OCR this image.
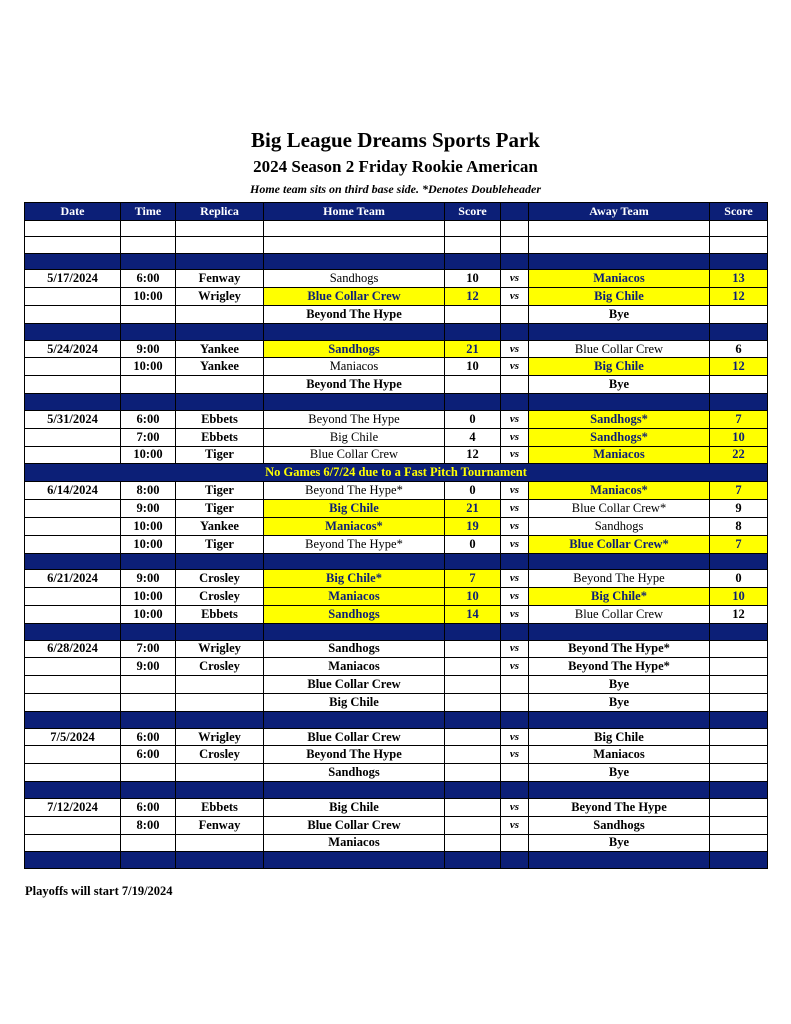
Big League Dreams Sports Park
2024 Season 2 Friday Rookie American
Home team sits on third base side. *Denotes Doubleheader
Date	Time	Replica	Home Team	Score		Away Team	Score

5/17/2024	6:00	Fenway	Sandhogs	10	vs	Maniacos	13
	10:00	Wrigley	Blue Collar Crew	12	vs	Big Chile	12
			Beyond The Hype			Bye	

5/24/2024	9:00	Yankee	Sandhogs	21	vs	Blue Collar Crew	6
	10:00	Yankee	Maniacos	10	vs	Big Chile	12
			Beyond The Hype			Bye	

5/31/2024	6:00	Ebbets	Beyond The Hype	0	vs	Sandhogs*	7
	7:00	Ebbets	Big Chile	4	vs	Sandhogs*	10
	10:00	Tiger	Blue Collar Crew	12	vs	Maniacos	22
No Games 6/7/24 due to a Fast Pitch Tournament							
6/14/2024	8:00	Tiger	Beyond The Hype*	0	vs	Maniacos*	7
	9:00	Tiger	Big Chile	21	vs	Blue Collar Crew*	9
	10:00	Yankee	Maniacos*	19	vs	Sandhogs	8
	10:00	Tiger	Beyond The Hype*	0	vs	Blue Collar Crew*	7

6/21/2024	9:00	Crosley	Big Chile*	7	vs	Beyond The Hype	0
	10:00	Crosley	Maniacos	10	vs	Big Chile*	10
	10:00	Ebbets	Sandhogs	14	vs	Blue Collar Crew	12

6/28/2024	7:00	Wrigley	Sandhogs		vs	Beyond The Hype*	
	9:00	Crosley	Maniacos		vs	Beyond The Hype*	
			Blue Collar Crew			Bye	
			Big Chile			Bye	

7/5/2024	6:00	Wrigley	Blue Collar Crew		vs	Big Chile	
	6:00	Crosley	Beyond The Hype		vs	Maniacos	
			Sandhogs			Bye	

7/12/2024	6:00	Ebbets	Big Chile		vs	Beyond The Hype	
	8:00	Fenway	Blue Collar Crew		vs	Sandhogs	
			Maniacos			Bye	

Playoffs will start 7/19/2024
